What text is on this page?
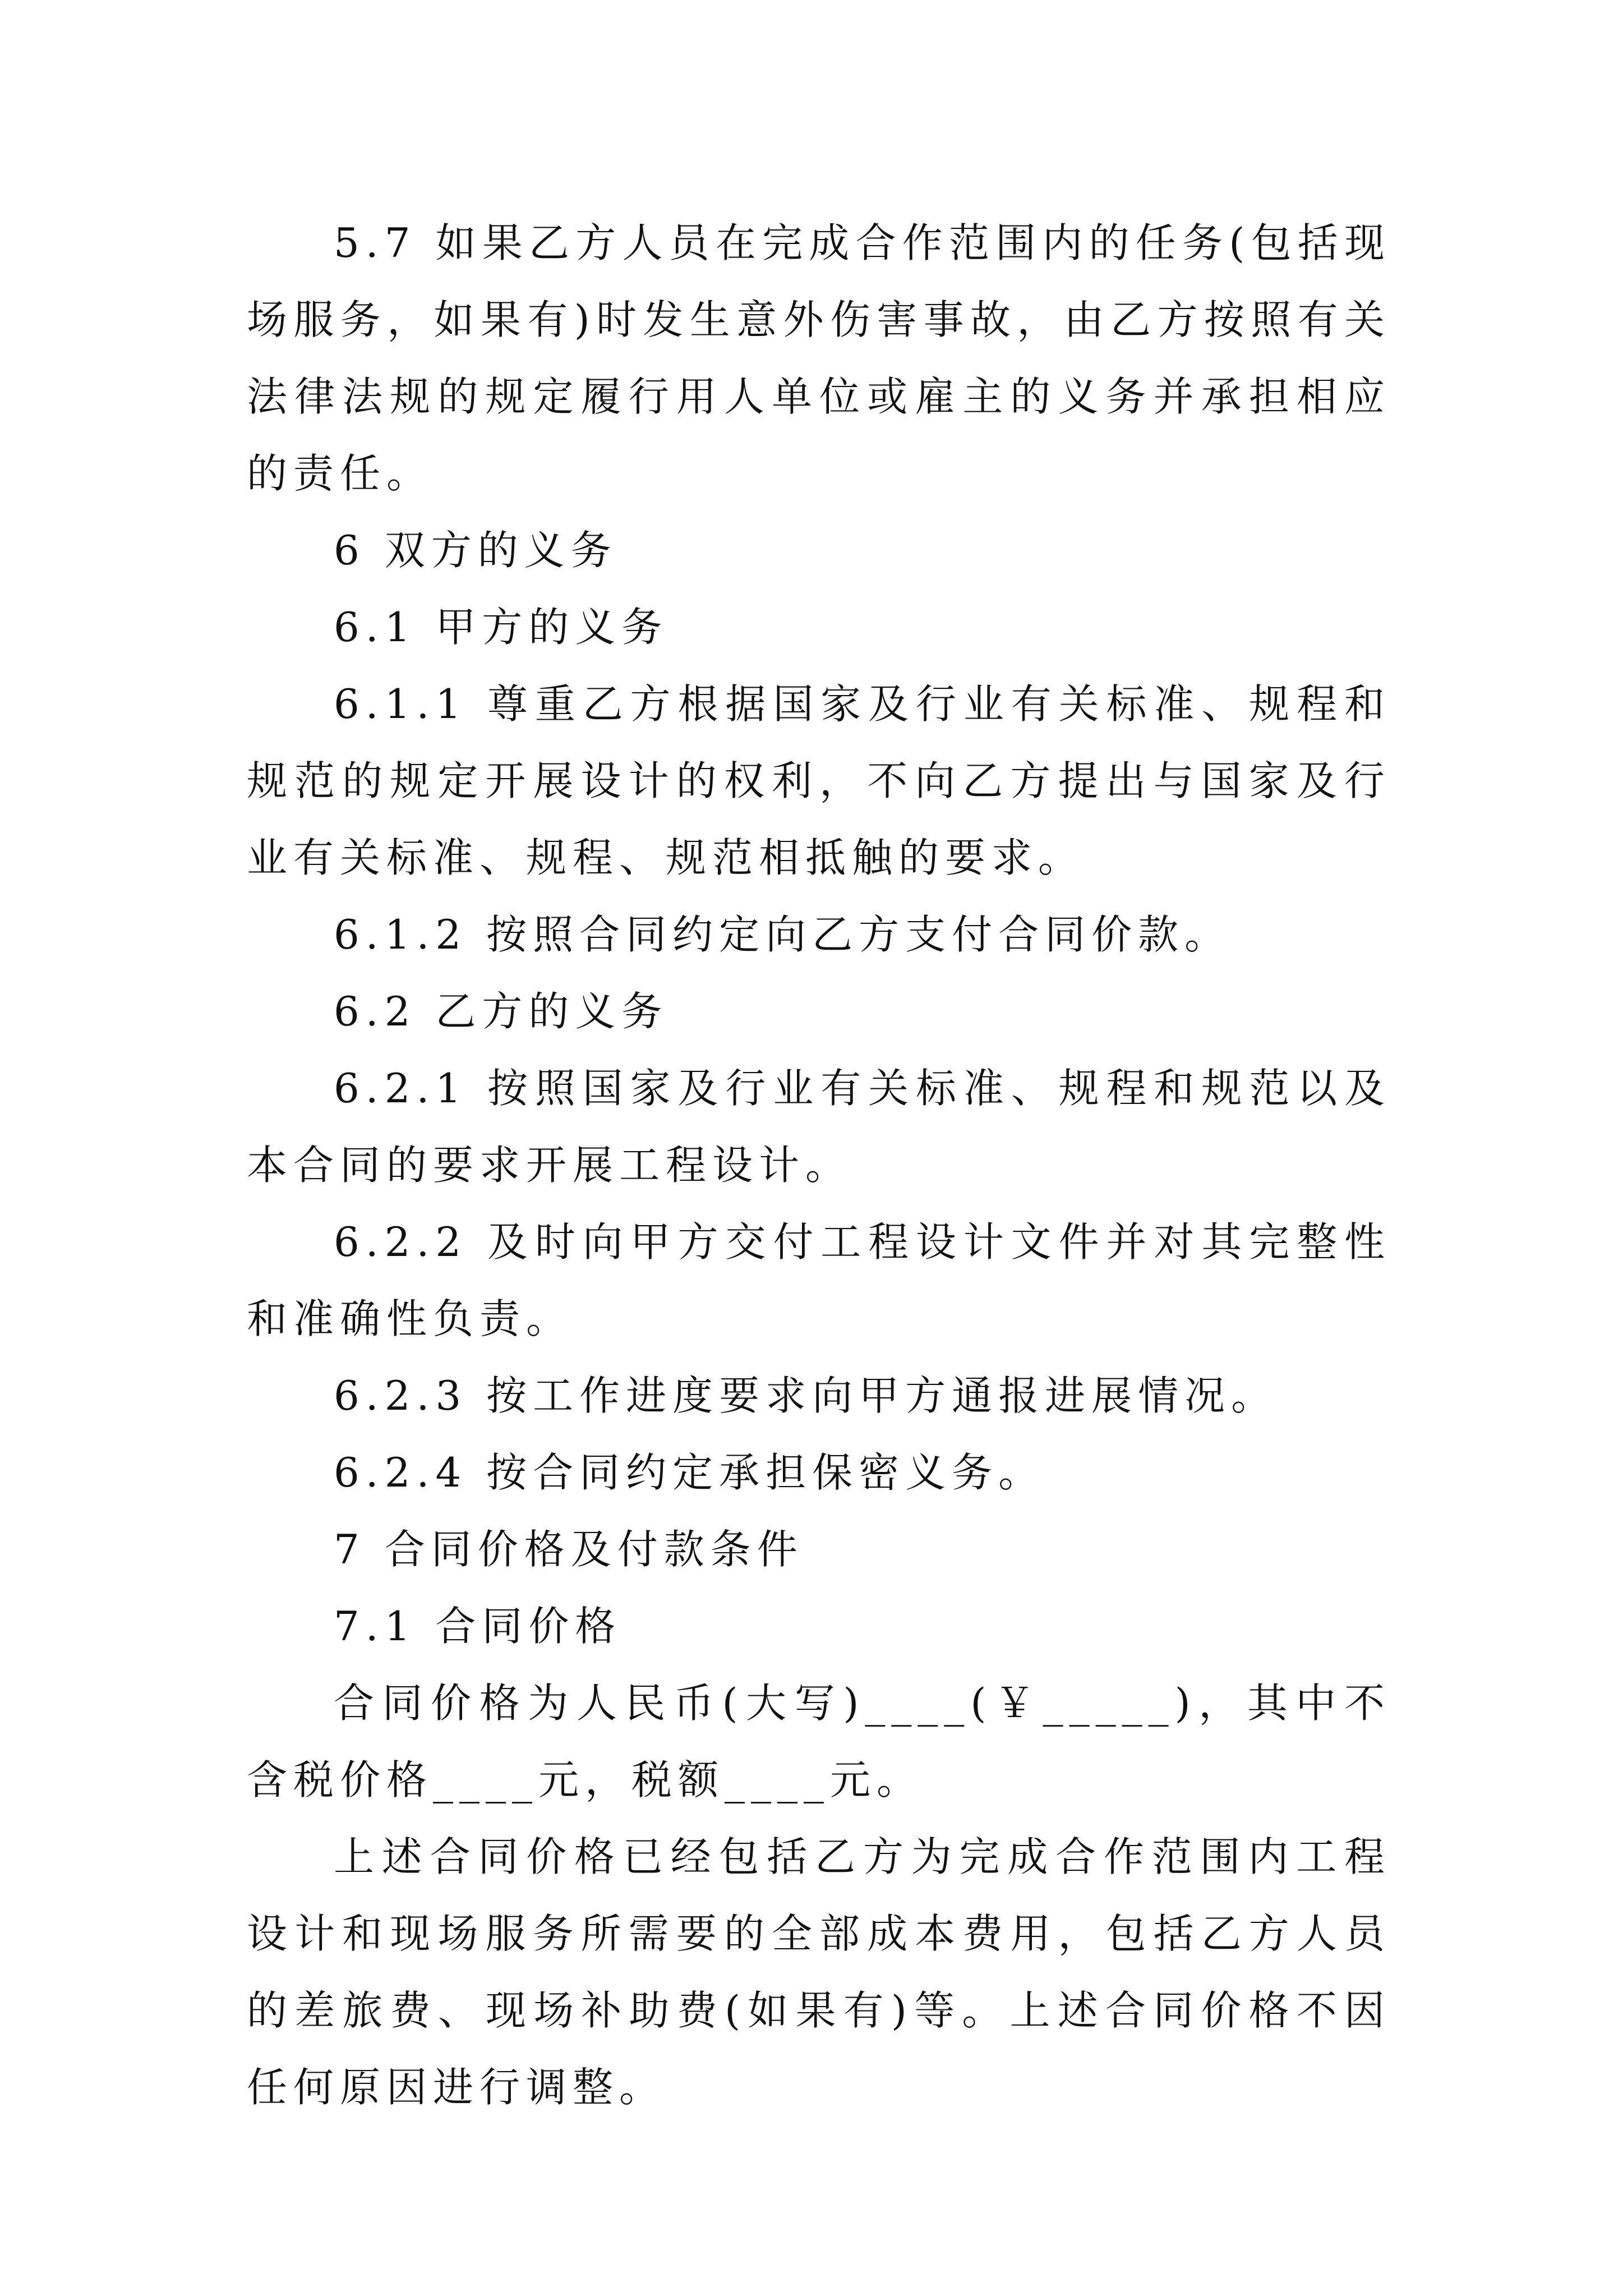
5.7 如果乙方人员在完成合作范围内的任务(包括现场服务，如果有)时发生意外伤害事故，由乙方按照有关法律法规的规定履行用人单位或雇主的义务并承担相应的责任。

6 双方的义务

6.1 甲方的义务

6.1.1 尊重乙方根据国家及行业有关标准、规程和规范的规定开展设计的权利，不向乙方提出与国家及行业有关标准、规程、规范相抵触的要求。

6.1.2 按照合同约定向乙方支付合同价款。

6.2 乙方的义务

6.2.1 按照国家及行业有关标准、规程和规范以及本合同的要求开展工程设计。

6.2.2 及时向甲方交付工程设计文件并对其完整性和准确性负责。

6.2.3 按工作进度要求向甲方通报进展情况。

6.2.4 按合同约定承担保密义务。

7 合同价格及付款条件

7.1 合同价格

合同价格为人民币(大写)____(￥_____)，其中不含税价格____元，税额____元。

上述合同价格已经包括乙方为完成合作范围内工程设计和现场服务所需要的全部成本费用，包括乙方人员的差旅费、现场补助费(如果有)等。上述合同价格不因任何原因进行调整。
